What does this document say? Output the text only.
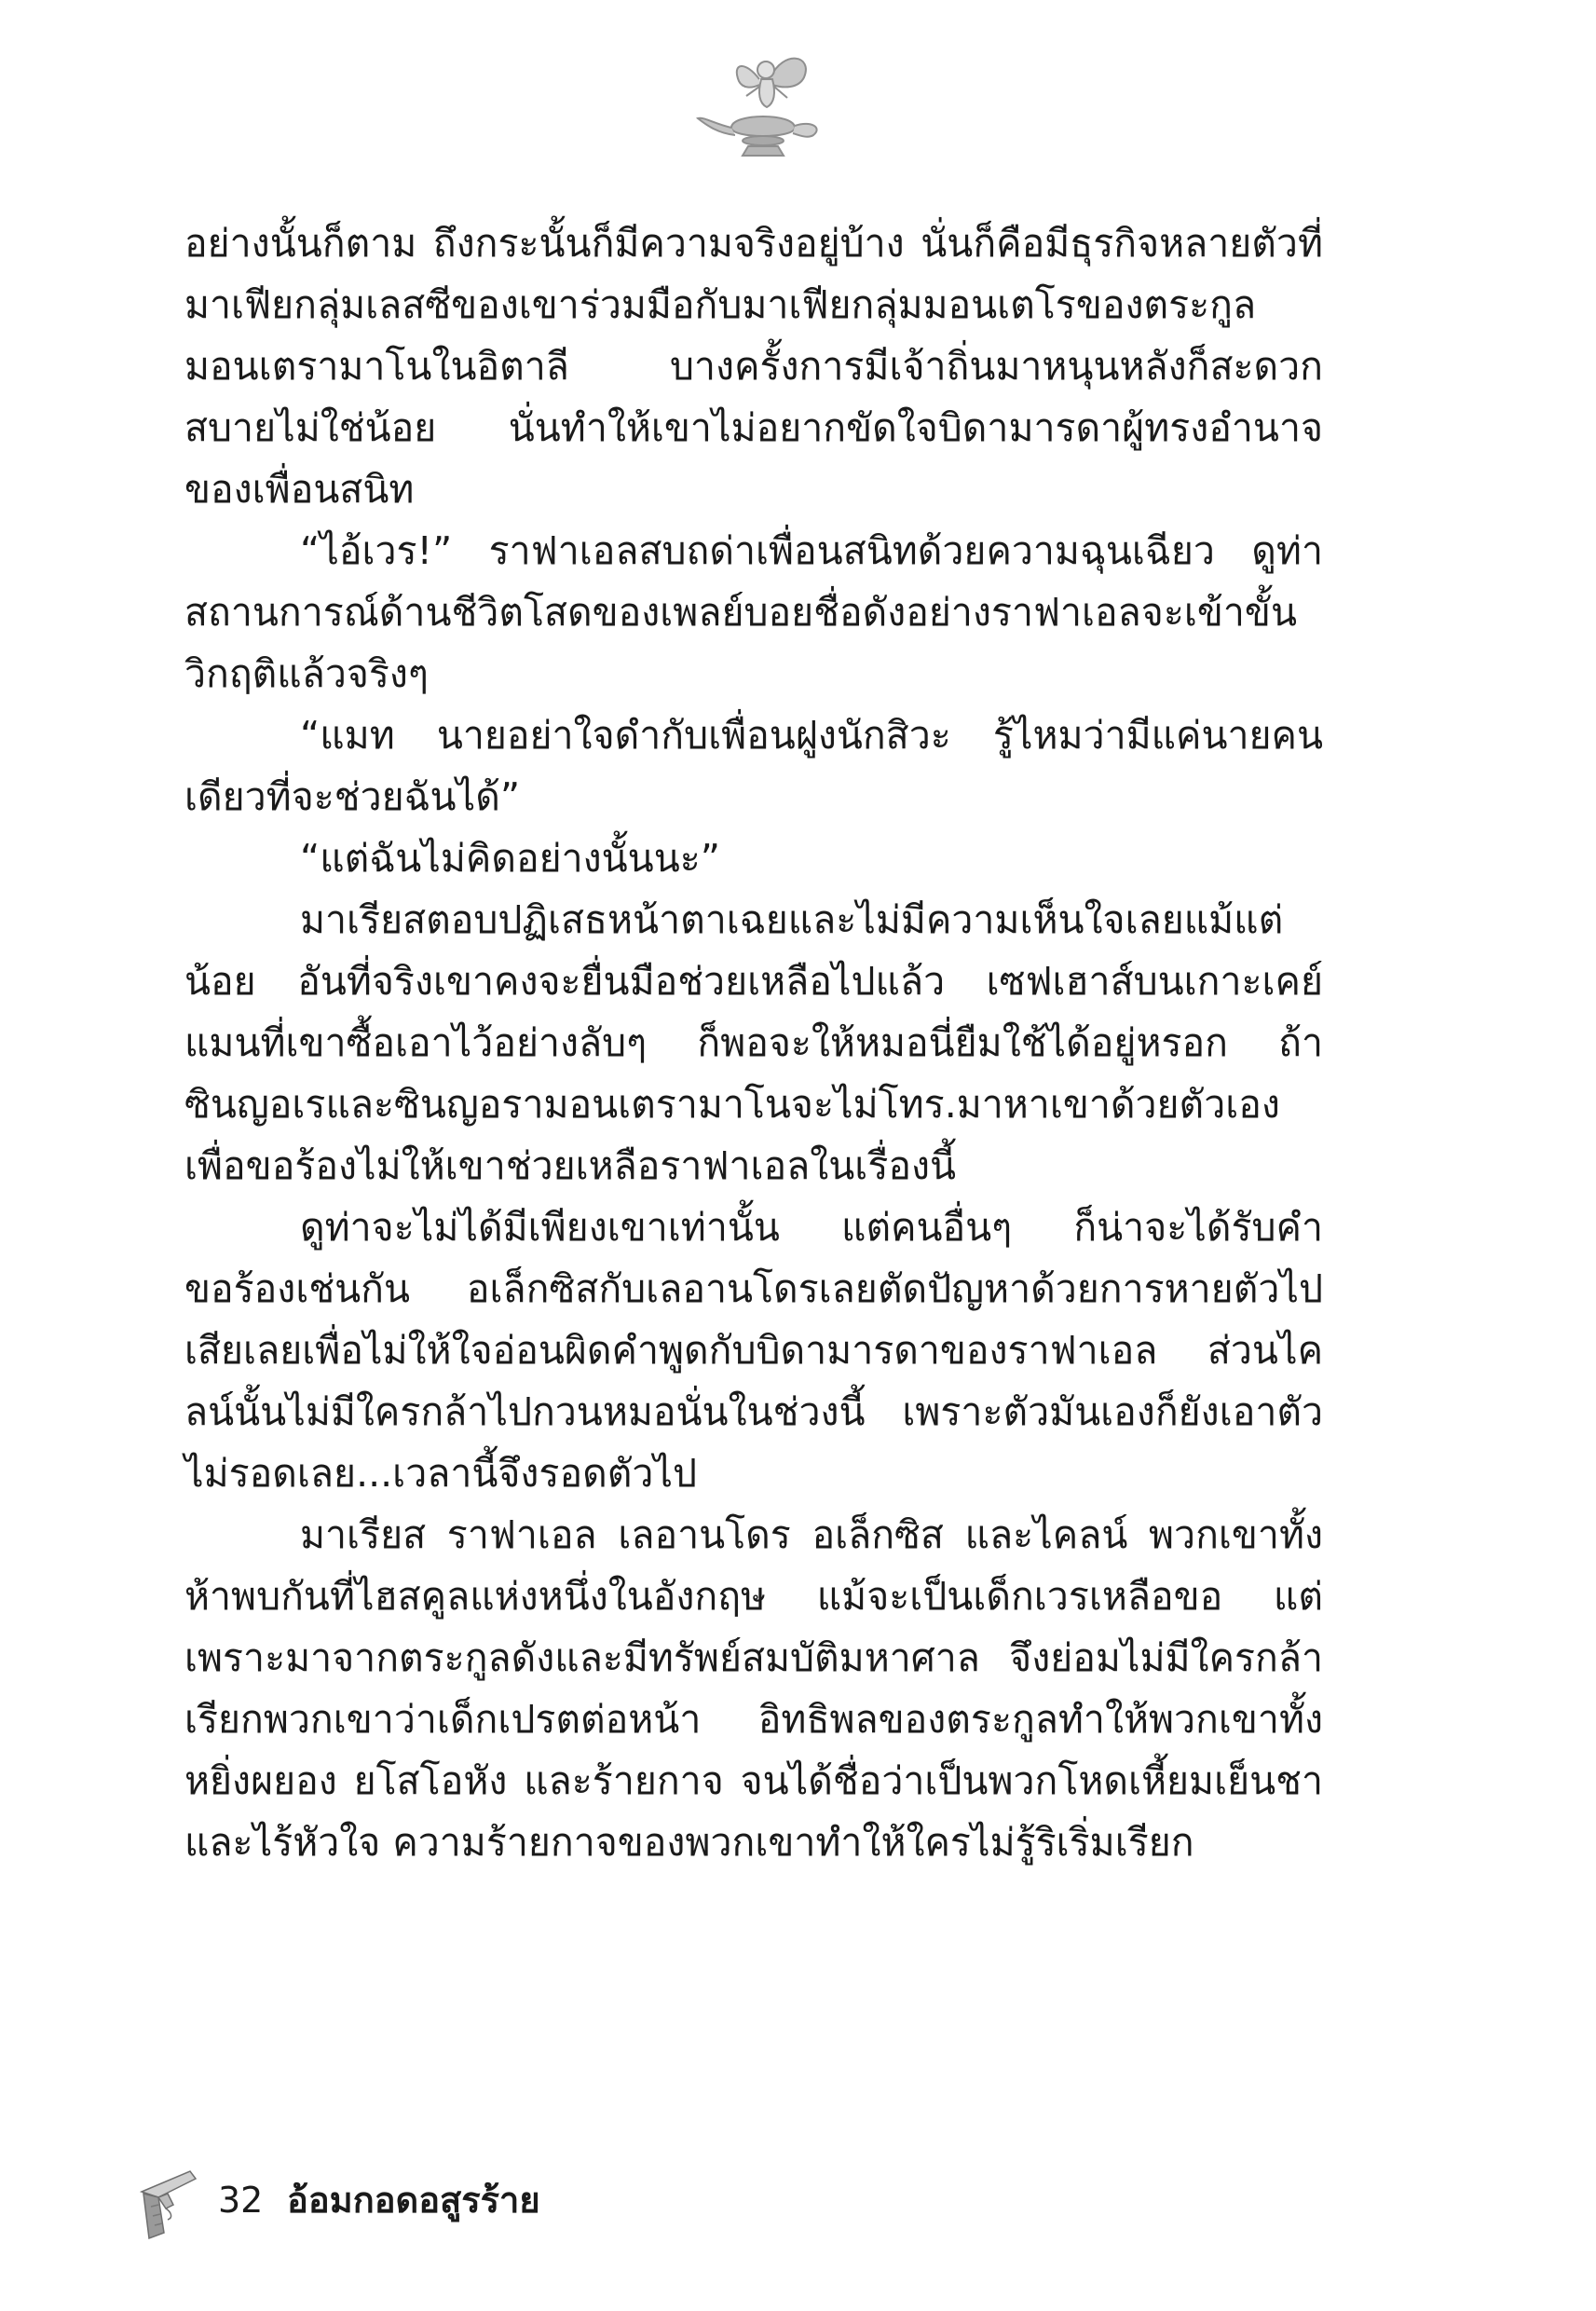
อย่างนั้นก็ตาม ถึงกระนั้นก็มีความจริงอยู่บ้าง นั่นก็คือมีธุรกิจหลายตัวที่มาเฟียกลุ่มเลสซีของเขาร่วมมือกับมาเฟียกลุ่มมอนเตโรของตระกูลมอนเตรามาโนในอิตาลี บางครั้งการมีเจ้าถิ่นมาหนุนหลังก็สะดวกสบายไม่ใช่น้อย นั่นทำให้เขาไม่อยากขัดใจบิดามารดาผู้ทรงอำนาจของเพื่อนสนิท

“ไอ้เวร!” ราฟาเอลสบถด่าเพื่อนสนิทด้วยความฉุนเฉียว ดูท่าสถานการณ์ด้านชีวิตโสดของเพลย์บอยชื่อดังอย่างราฟาเอลจะเข้าขั้นวิกฤติแล้วจริงๆ

“แมท นายอย่าใจดำกับเพื่อนฝูงนักสิวะ รู้ไหมว่ามีแค่นายคนเดียวที่จะช่วยฉันได้”

“แต่ฉันไม่คิดอย่างนั้นนะ”

มาเรียสตอบปฏิเสธหน้าตาเฉยและไม่มีความเห็นใจเลยแม้แต่น้อย อันที่จริงเขาคงจะยื่นมือช่วยเหลือไปแล้ว เซฟเฮาส์บนเกาะเคย์แมนที่เขาซื้อเอาไว้อย่างลับๆ ก็พอจะให้หมอนี่ยืมใช้ได้อยู่หรอก ถ้าซินญอเรและซินญอรามอนเตรามาโนจะไม่โทร.มาหาเขาด้วยตัวเองเพื่อขอร้องไม่ให้เขาช่วยเหลือราฟาเอลในเรื่องนี้

ดูท่าจะไม่ได้มีเพียงเขาเท่านั้น แต่คนอื่นๆ ก็น่าจะได้รับคำขอร้องเช่นกัน อเล็กซิสกับเลอานโดรเลยตัดปัญหาด้วยการหายตัวไปเสียเลยเพื่อไม่ให้ใจอ่อนผิดคำพูดกับบิดามารดาของราฟาเอล ส่วนไคลน์นั้นไม่มีใครกล้าไปกวนหมอนั่นในช่วงนี้ เพราะตัวมันเองก็ยังเอาตัวไม่รอดเลย...เวลานี้จึงรอดตัวไป

มาเรียส ราฟาเอล เลอานโดร อเล็กซิส และไคลน์ พวกเขาทั้งห้าพบกันที่ไฮสคูลแห่งหนึ่งในอังกฤษ แม้จะเป็นเด็กเวรเหลือขอ แต่เพราะมาจากตระกูลดังและมีทรัพย์สมบัติมหาศาล จึงย่อมไม่มีใครกล้าเรียกพวกเขาว่าเด็กเปรตต่อหน้า อิทธิพลของตระกูลทำให้พวกเขาทั้งหยิ่งผยอง ยโสโอหัง และร้ายกาจ จนได้ชื่อว่าเป็นพวกโหดเหี้ยมเย็นชา และไร้หัวใจ ความร้ายกาจของพวกเขาทำให้ใครไม่รู้ริเริ่มเรียก

32 อ้อมกอดอสูรร้าย
